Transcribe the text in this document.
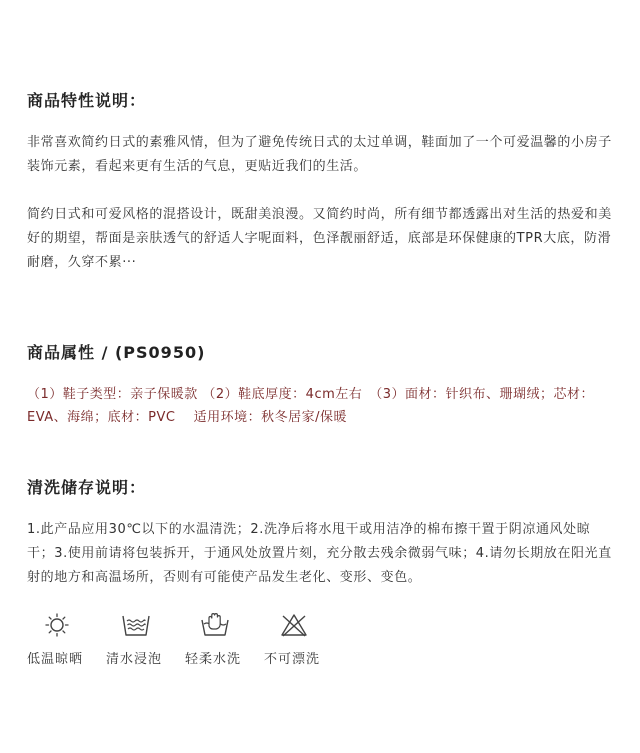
商品特性说明：
非常喜欢简约日式的素雅风情，但为了避免传统日式的太过单调，鞋面加了一个可爱温馨的小房子装饰元素，看起来更有生活的气息，更贴近我们的生活。
简约日式和可爱风格的混搭设计，既甜美浪漫。又简约时尚，所有细节都透露出对生活的热爱和美好的期望，帮面是亲肤透气的舒适人字呢面料，色泽靓丽舒适，底部是环保健康的TPR大底，防滑耐磨，久穿不累···
商品属性 / (PS0950)
（1）鞋子类型：亲子保暖款 （2）鞋底厚度：4cm左右　（3）面材：针织布、珊瑚绒；芯材：EVA、海绵；底材：PVC　 适用环境：秋冬居家/保暖
清洗储存说明：
1.此产品应用30℃以下的水温清洗；2.洗净后将水甩干或用洁净的棉布擦干置于阴凉通风处晾干；3.使用前请将包装拆开，于通风处放置片刻，充分散去残余微弱气味；4.请勿长期放在阳光直射的地方和高温场所，否则有可能使产品发生老化、变形、变色。
低温晾晒 清水浸泡 轻柔水洗 不可漂洗
